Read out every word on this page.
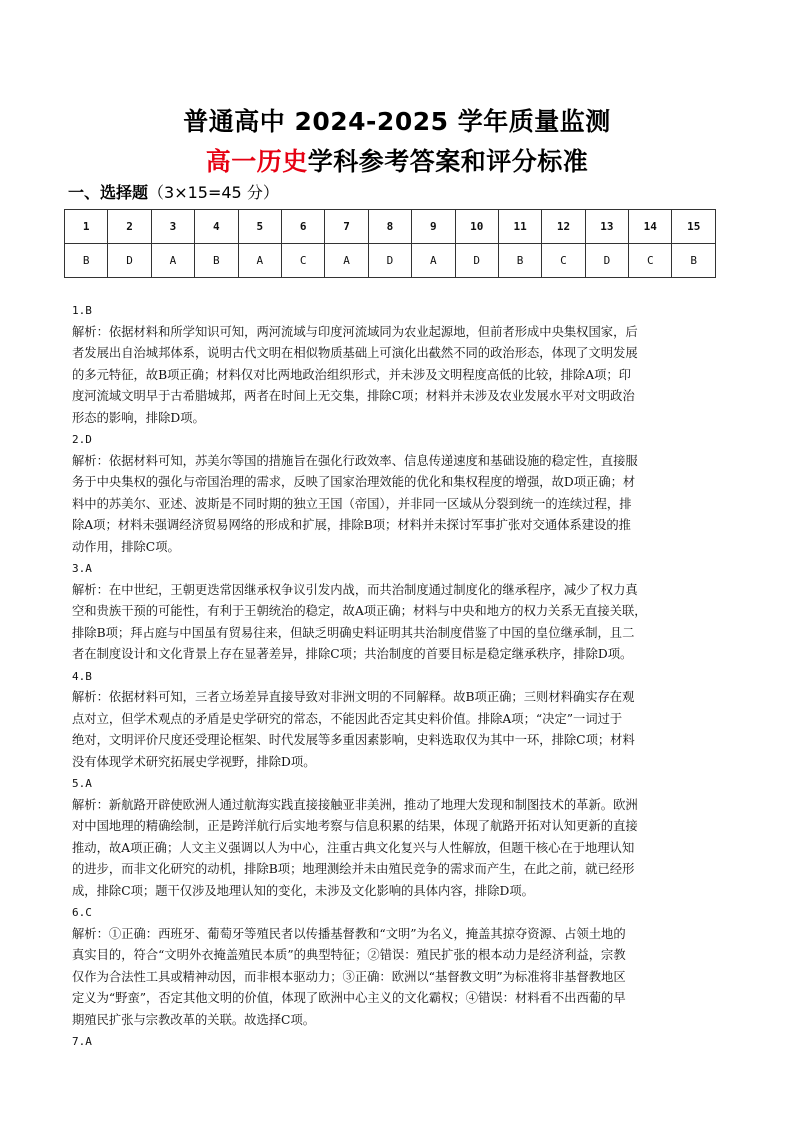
普通高中 2024-2025 学年质量监测
高一历史学科参考答案和评分标准
一、选择题（3×15=45 分）
1	2	3	4	5	6	7	8	9	10	11	12	13	14	15
B	D	A	B	A	C	A	D	A	D	B	C	D	C	B
1.B

解析：依据材料和所学知识可知，两河流域与印度河流域同为农业起源地，但前者形成中央集权国家，后

者发展出自治城邦体系，说明古代文明在相似物质基础上可演化出截然不同的政治形态，体现了文明发展

的多元特征，故B项正确；材料仅对比两地政治组织形式，并未涉及文明程度高低的比较，排除A项；印

度河流域文明早于古希腊城邦，两者在时间上无交集，排除C项；材料并未涉及农业发展水平对文明政治

形态的影响，排除D项。

2.D

解析：依据材料可知，苏美尔等国的措施旨在强化行政效率、信息传递速度和基础设施的稳定性，直接服

务于中央集权的强化与帝国治理的需求，反映了国家治理效能的优化和集权程度的增强，故D项正确；材

料中的苏美尔、亚述、波斯是不同时期的独立王国（帝国），并非同一区域从分裂到统一的连续过程，排

除A项；材料未强调经济贸易网络的形成和扩展，排除B项；材料并未探讨军事扩张对交通体系建设的推

动作用，排除C项。

3.A

解析：在中世纪，王朝更迭常因继承权争议引发内战，而共治制度通过制度化的继承程序，减少了权力真

空和贵族干预的可能性，有利于王朝统治的稳定，故A项正确；材料与中央和地方的权力关系无直接关联，

排除B项；拜占庭与中国虽有贸易往来，但缺乏明确史料证明其共治制度借鉴了中国的皇位继承制，且二

者在制度设计和文化背景上存在显著差异，排除C项；共治制度的首要目标是稳定继承秩序，排除D项。

4.B

解析：依据材料可知，三者立场差异直接导致对非洲文明的不同解释。故B项正确；三则材料确实存在观

点对立，但学术观点的矛盾是史学研究的常态，不能因此否定其史料价值。排除A项；“决定”一词过于

绝对，文明评价尺度还受理论框架、时代发展等多重因素影响，史料选取仅为其中一环，排除C项；材料

没有体现学术研究拓展史学视野，排除D项。

5.A

解析：新航路开辟使欧洲人通过航海实践直接接触亚非美洲，推动了地理大发现和制图技术的革新。欧洲

对中国地理的精确绘制，正是跨洋航行后实地考察与信息积累的结果，体现了航路开拓对认知更新的直接

推动，故A项正确；人文主义强调以人为中心，注重古典文化复兴与人性解放，但题干核心在于地理认知

的进步，而非文化研究的动机，排除B项；地理测绘并未由殖民竞争的需求而产生，在此之前，就已经形

成，排除C项；题干仅涉及地理认知的变化，未涉及文化影响的具体内容，排除D项。

6.C

解析：①正确：西班牙、葡萄牙等殖民者以传播基督教和“文明”为名义，掩盖其掠夺资源、占领土地的

真实目的，符合“文明外衣掩盖殖民本质”的典型特征；②错误：殖民扩张的根本动力是经济利益，宗教

仅作为合法性工具或精神动因，而非根本驱动力；③正确：欧洲以“基督教文明”为标准将非基督教地区

定义为“野蛮”，否定其他文明的价值，体现了欧洲中心主义的文化霸权；④错误：材料看不出西葡的早

期殖民扩张与宗教改革的关联。故选择C项。

7.A
